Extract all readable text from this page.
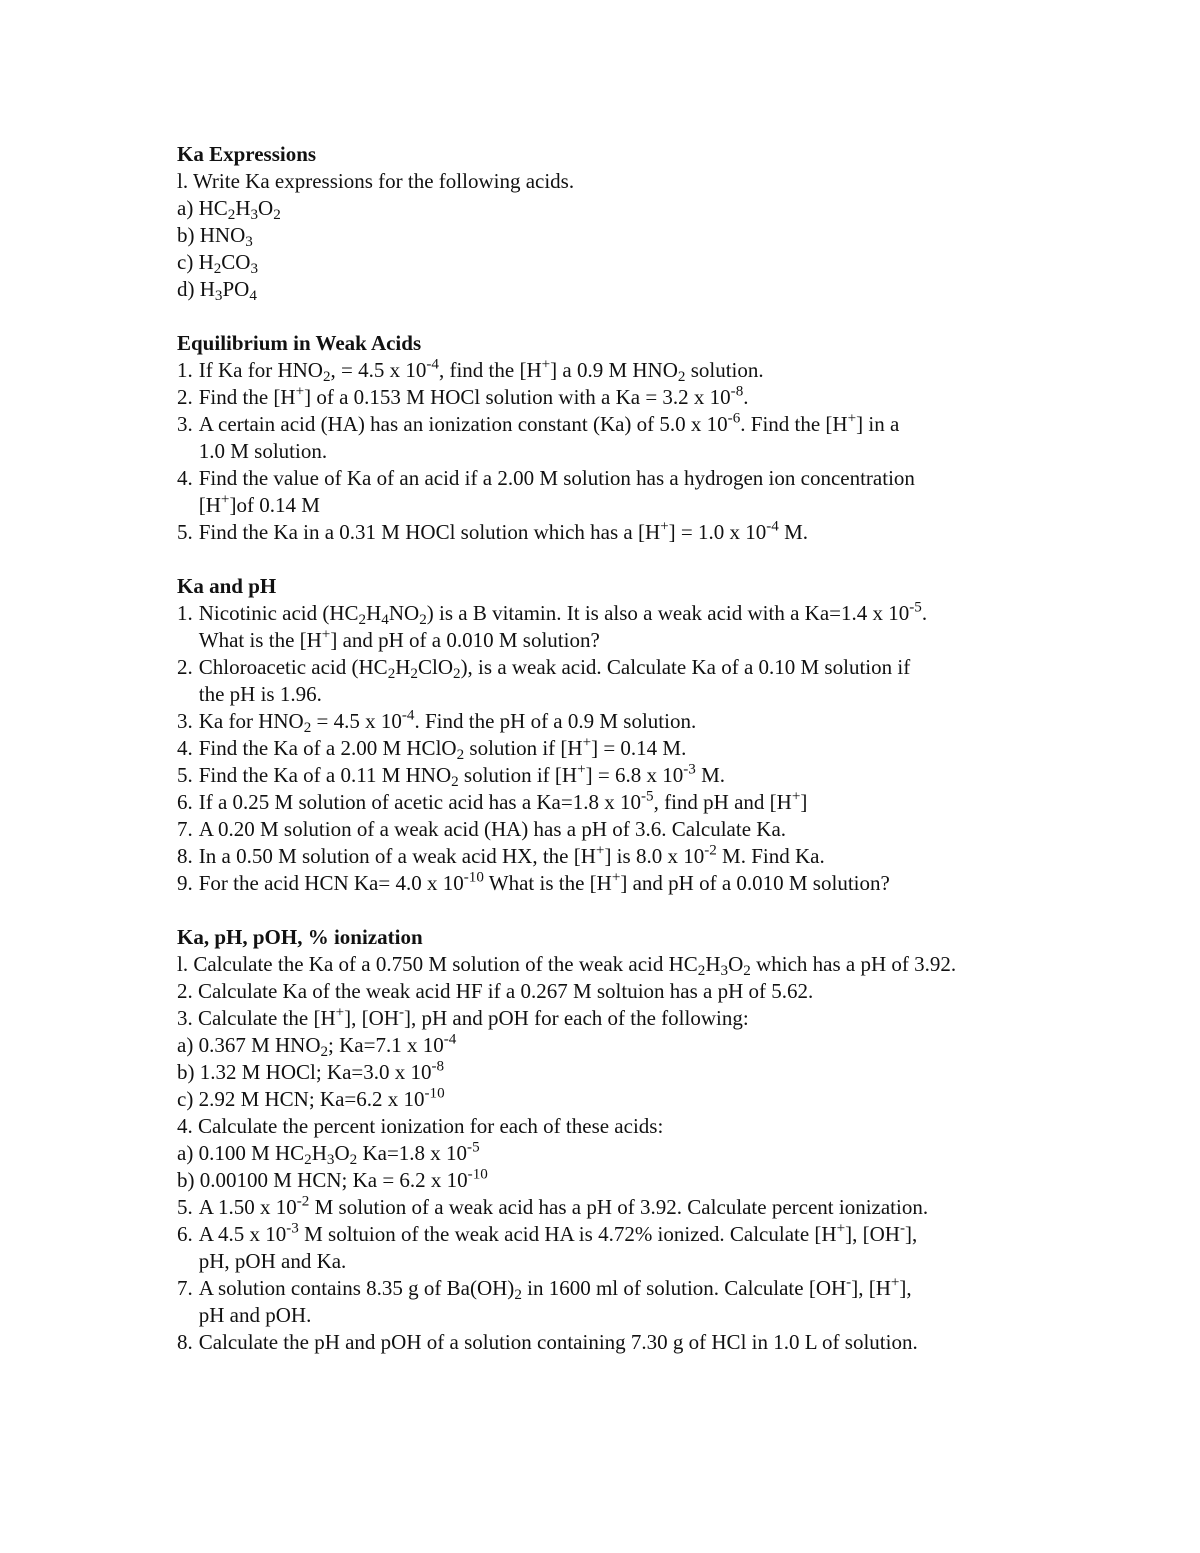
Ka Expressions
l. Write Ka expressions for the following acids.
a) $HC_2H_3O_2$
b) $HNO_3$
c) $H_2CO_3$
d) $H_3PO_4$
Equilibrium in Weak Acids
1. If Ka for $HNO_2$, = 4.5 x $10^{-4}$, find the [H+] a 0.9 M $HNO_2$ solution.
2. Find the [H+] of a 0.153 M HOCl solution with a Ka = 3.2 x $10^{-8}$.
3. A certain acid (HA) has an ionization constant (Ka) of 5.0 x $10^{-6}$. Find the [H+] in a
1.0 M solution.
4. Find the value of Ka of an acid if a 2.00 M solution has a hydrogen ion concentration
[H+]of 0.14 M
5. Find the Ka in a 0.31 M HOCl solution which has a [H+] = 1.0 x $10^{-4}$ M.
Ka and pH
1. Nicotinic acid $(HC_2H_4NO_2)$ is a B vitamin. It is also a weak acid with a Ka=1.4 x $10^{-5}$.
What is the [H+] and pH of a 0.010 M solution?
2. Chloroacetic acid $(HC_2H_2ClO_2)$, is a weak acid. Calculate Ka of a 0.10 M solution if
the pH is 1.96.
3. Ka for $HNO_2 = 4.5$ x $10^{-4}$. Find the pH of a 0.9 M solution.
4. Find the Ka of a 2.00 M HClO$_2$ solution if [H+] = 0.14 M.
5. Find the Ka of a 0.11 M $HNO_2$ solution if [H+] = 6.8 x $10^{-3}$ M.
6. If a 0.25 M solution of acetic acid has a Ka=1.8 x $10^{-5}$, find pH and [H+]
7. A 0.20 M solution of a weak acid (HA) has a pH of 3.6. Calculate Ka.
8. In a 0.50 M solution of a weak acid HX, the [H+] is 8.0 x $10^{-2}$ M. Find Ka.
9. For the acid HCN Ka= 4.0 x $10^{-10}$ What is the [H+] and pH of a 0.010 M solution?
Ka, pH, pOH, % ionization
l. Calculate the Ka of a 0.750 M solution of the weak acid $HC_2H_3O_2$ which has a pH of 3.92.
2. Calculate Ka of the weak acid HF if a 0.267 M soltuion has a pH of 5.62.
3. Calculate the [H+], [OH-], pH and pOH for each of the following:
a) 0.367 M $HNO_2$; Ka=7.1 x $10^{-4}$
b) 1.32 M HOCl; Ka=3.0 x $10^{-8}$
c) 2.92 M HCN; Ka=6.2 x $10^{-10}$
4. Calculate the percent ionization for each of these acids:
a) 0.100 M $HC_2H_3O_2$ Ka=1.8 x $10^{-5}$
b) 0.00100 M HCN; Ka = 6.2 x $10^{-10}$
5. A 1.50 x $10^{-2}$ M solution of a weak acid has a pH of 3.92. Calculate percent ionization.
6. A 4.5 x $10^{-3}$ M soltuion of the weak acid HA is 4.72% ionized. Calculate [H+], [OH-],
pH, pOH and Ka.
7. A solution contains 8.35 g of $Ba(OH)_2$ in 1600 ml of solution. Calculate [OH-], [H+],
pH and pOH.
8. Calculate the pH and pOH of a solution containing 7.30 g of HCl in 1.0 L of solution.
